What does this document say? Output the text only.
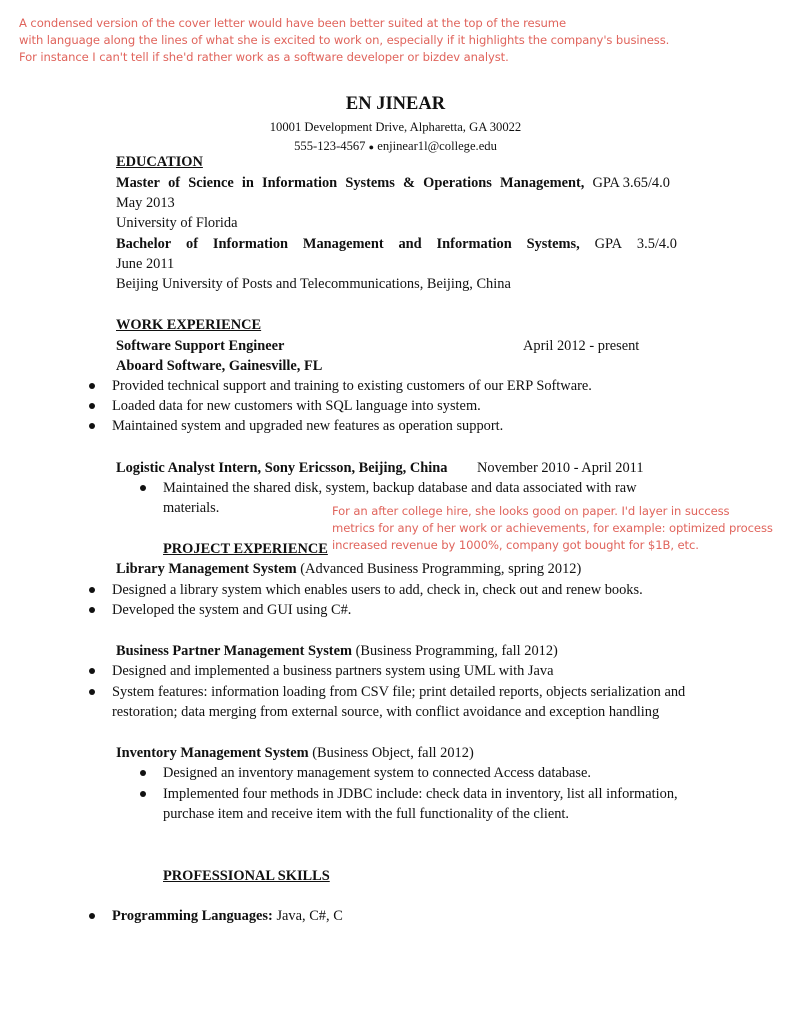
A condensed version of the cover letter would have been better suited at the top of the resume
with language along the lines of what she is excited to work on, especially if it highlights the company's business.
For instance I can't tell if she'd rather work as a software developer or bizdev analyst.
EN JINEAR
10001 Development Drive, Alpharetta, GA 30022
555-123-4567 ● enjinear1l@college.edu
EDUCATION
Master of Science in Information Systems & Operations Management, GPA 3.65/4.0
May 2013
University of Florida
Bachelor of Information Management and Information Systems, GPA 3.5/4.0
June 2011
Beijing University of Posts and Telecommunications, Beijing, China
WORK EXPERIENCE
Software Support Engineer	April 2012 - present
Aboard Software, Gainesville, FL
Provided technical support and training to existing customers of our ERP Software.
Loaded data for new customers with SQL language into system.
Maintained system and upgraded new features as operation support.
Logistic Analyst Intern, Sony Ericsson, Beijing, China November 2010 - April 2011
Maintained the shared disk, system, backup database and data associated with raw
materials.	For an after college hire, she looks good on paper. I'd layer in success
metrics for any of her work or achievements, for example: optimized process
increased revenue by 1000%, company got bought for $1B, etc.
PROJECT EXPERIENCE
Library Management System (Advanced Business Programming, spring 2012)
Designed a library system which enables users to add, check in, check out and renew books.
Developed the system and GUI using C#.
Business Partner Management System (Business Programming, fall 2012)
Designed and implemented a business partners system using UML with Java
System features: information loading from CSV file; print detailed reports, objects serialization and
restoration; data merging from external source, with conflict avoidance and exception handling
Inventory Management System (Business Object, fall 2012)
Designed an inventory management system to connected Access database.
Implemented four methods in JDBC include: check data in inventory, list all information,
purchase item and receive item with the full functionality of the client.
PROFESSIONAL SKILLS
Programming Languages: Java, C#, C
